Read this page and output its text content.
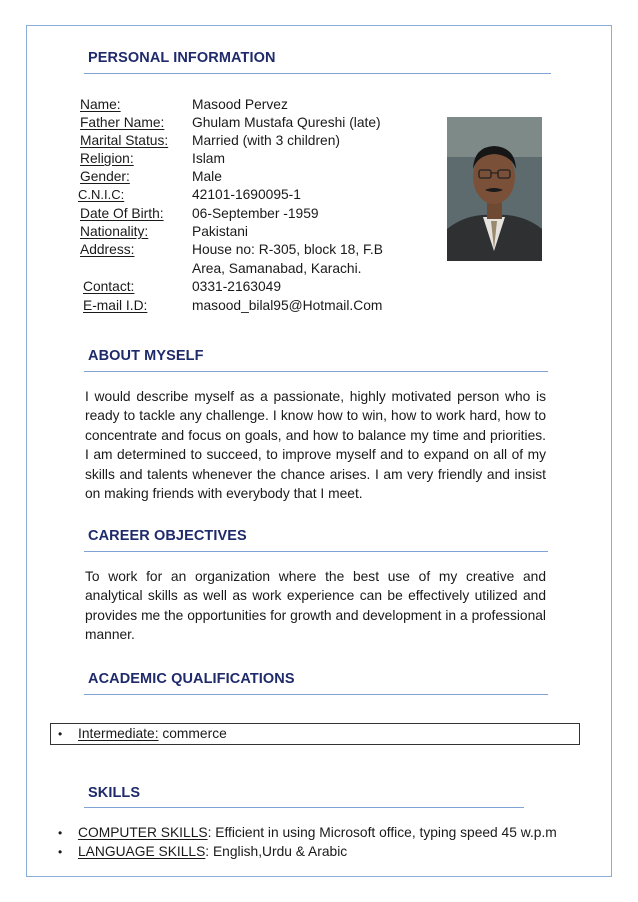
PERSONAL INFORMATION
Name:	Masood Pervez
Father Name: Ghulam Mustafa Qureshi (late)
Marital Status: Married (with 3 children)
Religion:	Islam
Gender:	Male
C.N.I.C:	42101-1690095-1
Date Of Birth: 06-September -1959
Nationality:	Pakistani
Address:	House no: R-305, block 18, F.B
Area, Samanabad, Karachi.
Contact:	0331-2163049
E-mail I.D:	masood_bilal95@Hotmail.Com
ABOUT MYSELF
I would describe myself as a passionate, highly motivated person who is ready to tackle any challenge. I know how to win, how to work hard, how to concentrate and focus on goals, and how to balance my time and priorities. I am determined to succeed, to improve myself and to expand on all of my skills and talents whenever the chance arises. I am very friendly and insist on making friends with everybody that I meet.
CAREER OBJECTIVES
To work for an organization where the best use of my creative and analytical skills as well as work experience can be effectively utilized and provides me the opportunities for growth and development in a professional manner.
ACADEMIC QUALIFICATIONS
• Intermediate: commerce
SKILLS
• COMPUTER SKILLS: Efficient in using Microsoft office, typing speed 45 w.p.m
• LANGUAGE SKILLS: English,Urdu & Arabic
